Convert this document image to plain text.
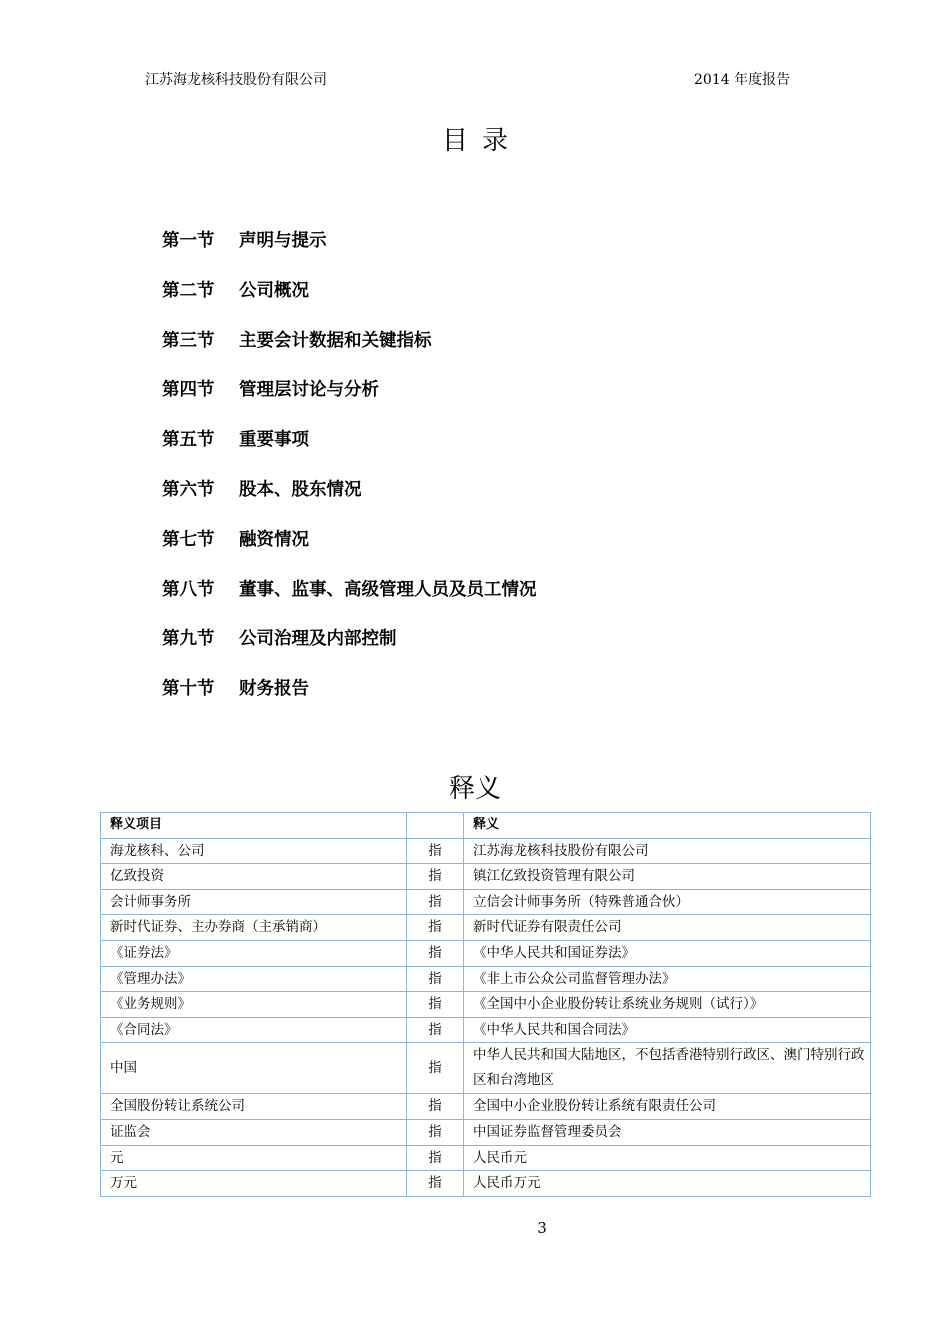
江苏海龙核科技股份有限公司	2014 年度报告
目录
第一节	声明与提示
第二节	公司概况
第三节	主要会计数据和关键指标
第四节	管理层讨论与分析
第五节	重要事项
第六节	股本、股东情况
第七节	融资情况
第八节	董事、监事、高级管理人员及员工情况
第九节	公司治理及内部控制
第十节	财务报告
释义
释义项目		释义
海龙核科、公司	指	江苏海龙核科技股份有限公司
亿致投资	指	镇江亿致投资管理有限公司
会计师事务所	指	立信会计师事务所（特殊普通合伙）
新时代证券、主办券商（主承销商）	指	新时代证券有限责任公司
《证券法》	指	《中华人民共和国证券法》
《管理办法》	指	《非上市公众公司监督管理办法》
《业务规则》	指	《全国中小企业股份转让系统业务规则（试行）》
《合同法》	指	《中华人民共和国合同法》
中国	指	中华人民共和国大陆地区，不包括香港特别行政区、澳门特别行政区和台湾地区
全国股份转让系统公司	指	全国中小企业股份转让系统有限责任公司
证监会	指	中国证券监督管理委员会
元	指	人民币元
万元	指	人民币万元
3
